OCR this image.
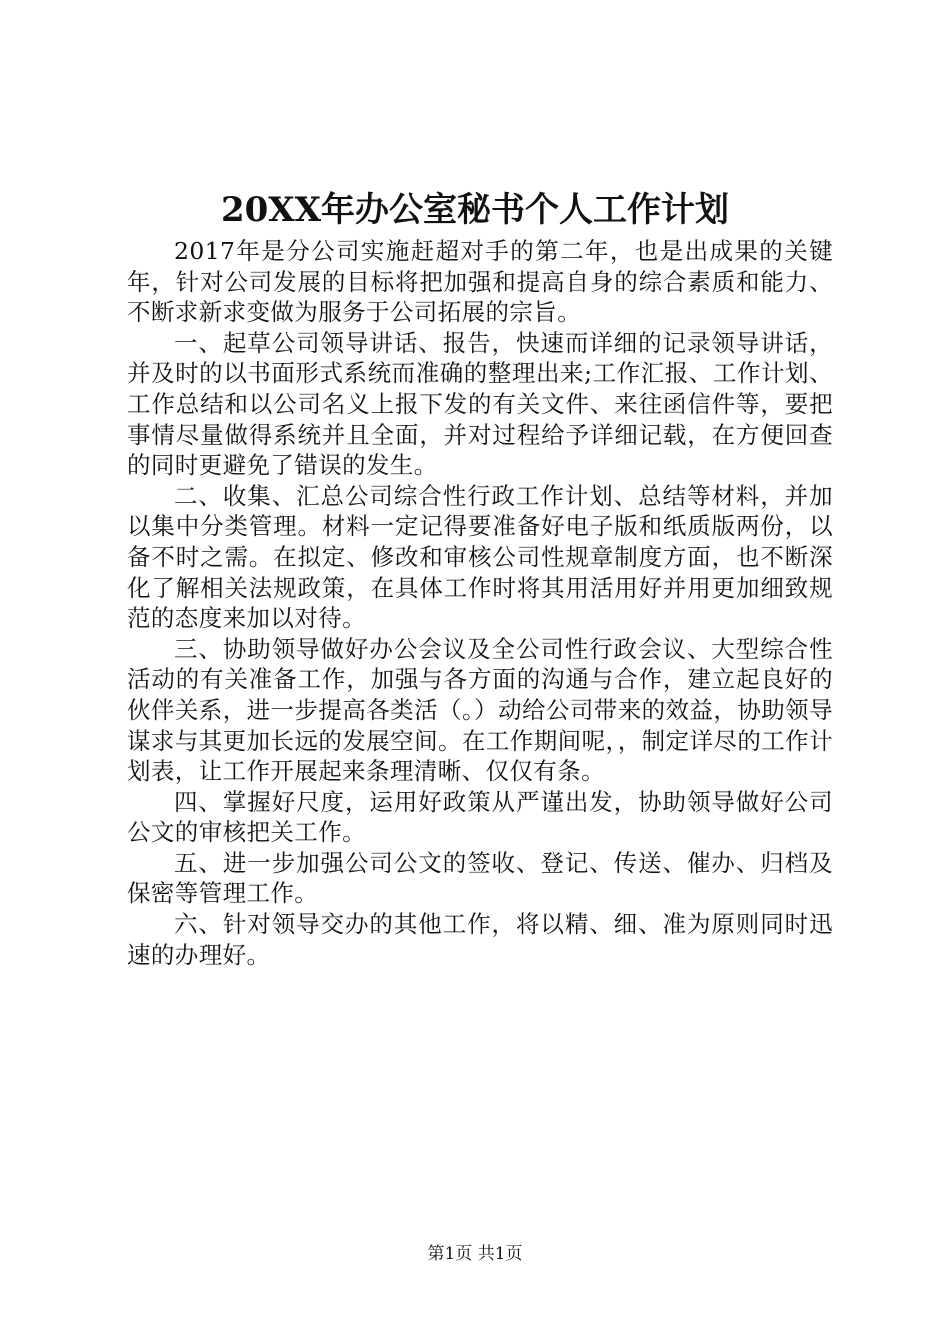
20XX年办公室秘书个人工作计划

2017年是分公司实施赶超对手的第二年，也是出成果的关键年，针对公司发展的目标将把加强和提高自身的综合素质和能力、不断求新求变做为服务于公司拓展的宗旨。

一、起草公司领导讲话、报告，快速而详细的记录领导讲话，并及时的以书面形式系统而准确的整理出来;工作汇报、工作计划、工作总结和以公司名义上报下发的有关文件、来往函信件等，要把事情尽量做得系统并且全面，并对过程给予详细记载，在方便回查的同时更避免了错误的发生。

二、收集、汇总公司综合性行政工作计划、总结等材料，并加以集中分类管理。材料一定记得要准备好电子版和纸质版两份，以备不时之需。在拟定、修改和审核公司性规章制度方面，也不断深化了解相关法规政策，在具体工作时将其用活用好并用更加细致规范的态度来加以对待。

三、协助领导做好办公会议及全公司性行政会议、大型综合性活动的有关准备工作，加强与各方面的沟通与合作，建立起良好的伙伴关系，进一步提高各类活（。）动给公司带来的效益，协助领导谋求与其更加长远的发展空间。在工作期间呢，，制定详尽的工作计划表，让工作开展起来条理清晰、仅仅有条。

四、掌握好尺度，运用好政策从严谨出发，协助领导做好公司公文的审核把关工作。

五、进一步加强公司公文的签收、登记、传送、催办、归档及保密等管理工作。

六、针对领导交办的其他工作，将以精、细、准为原则同时迅速的办理好。

第1页 共1页
